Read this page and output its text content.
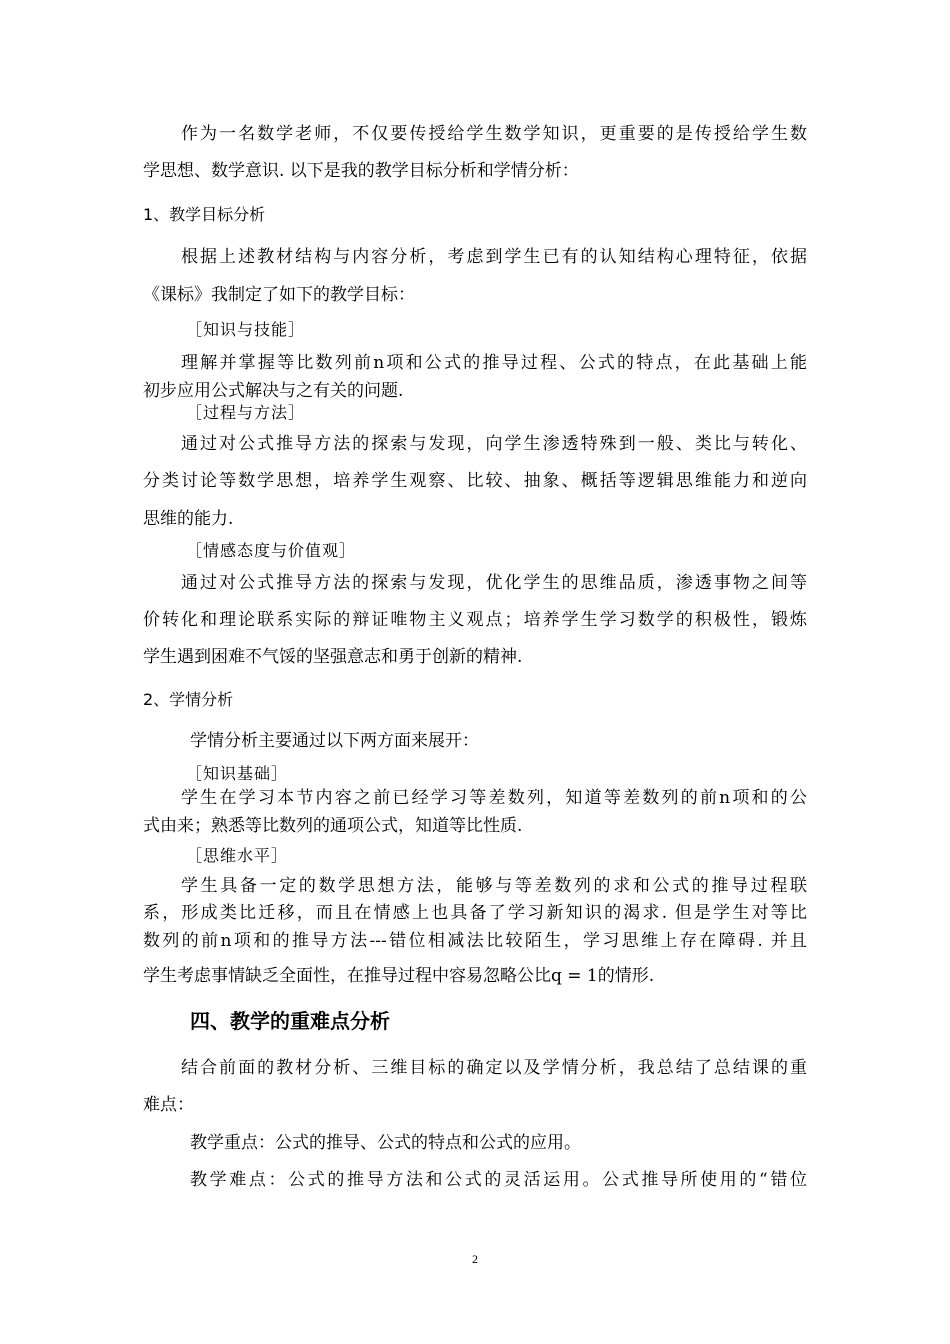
作为一名数学老师，不仅要传授给学生数学知识，更重要的是传授给学生数
学思想、数学意识. 以下是我的教学目标分析和学情分析：
1、教学目标分析
根据上述教材结构与内容分析，考虑到学生已有的认知结构心理特征，依据
《课标》我制定了如下的教学目标：
［知识与技能］
理解并掌握等比数列前n项和公式的推导过程、公式的特点，在此基础上能
初步应用公式解决与之有关的问题.
［过程与方法］
通过对公式推导方法的探索与发现，向学生渗透特殊到一般、类比与转化、
分类讨论等数学思想，培养学生观察、比较、抽象、概括等逻辑思维能力和逆向
思维的能力.
［情感态度与价值观］
通过对公式推导方法的探索与发现，优化学生的思维品质，渗透事物之间等
价转化和理论联系实际的辩证唯物主义观点；培养学生学习数学的积极性，锻炼
学生遇到困难不气馁的坚强意志和勇于创新的精神.
2、学情分析
学情分析主要通过以下两方面来展开：
［知识基础］
学生在学习本节内容之前已经学习等差数列，知道等差数列的前n项和的公
式由来；熟悉等比数列的通项公式，知道等比性质.
［思维水平］
学生具备一定的数学思想方法，能够与等差数列的求和公式的推导过程联
系，形成类比迁移，而且在情感上也具备了学习新知识的渴求. 但是学生对等比
数列的前n项和的推导方法---错位相减法比较陌生，学习思维上存在障碍. 并且
学生考虑事情缺乏全面性，在推导过程中容易忽略公比q = 1的情形.
四、教学的重难点分析
结合前面的教材分析、三维目标的确定以及学情分析，我总结了总结课的重
难点：
教学重点：公式的推导、公式的特点和公式的应用。
教学难点：公式的推导方法和公式的灵活运用。公式推导所使用的“错位
2
